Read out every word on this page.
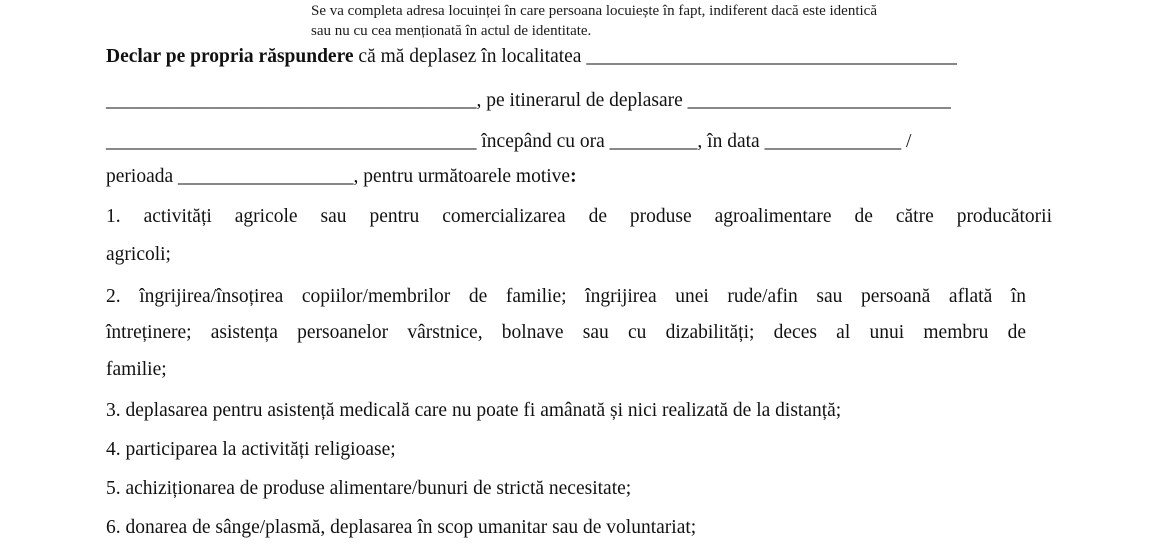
Se va completa adresa locuinței în care persoana locuiește în fapt, indiferent dacă este identică

sau nu cu cea menționată în actul de identitate.

Declar pe propria răspundere că mă deplasez în localitatea ______________________________________
______________________________________, pe itinerarul de deplasare ___________________________
______________________________________ începând cu ora _________, în data ______________ /
perioada __________________, pentru următoarele motive:
1. activități agricole sau pentru comercializarea de produse agroalimentare de către producătorii
agricoli;
2. îngrijirea/însoțirea copiilor/membrilor de familie; îngrijirea unei rude/afin sau persoană aflată în
întreținere; asistența persoanelor vârstnice, bolnave sau cu dizabilități; deces al unui membru de
familie;
3. deplasarea pentru asistență medicală care nu poate fi amânată și nici realizată de la distanță;
4. participarea la activități religioase;
5. achiziționarea de produse alimentare/bunuri de strictă necesitate;
6. donarea de sânge/plasmă, deplasarea în scop umanitar sau de voluntariat;
